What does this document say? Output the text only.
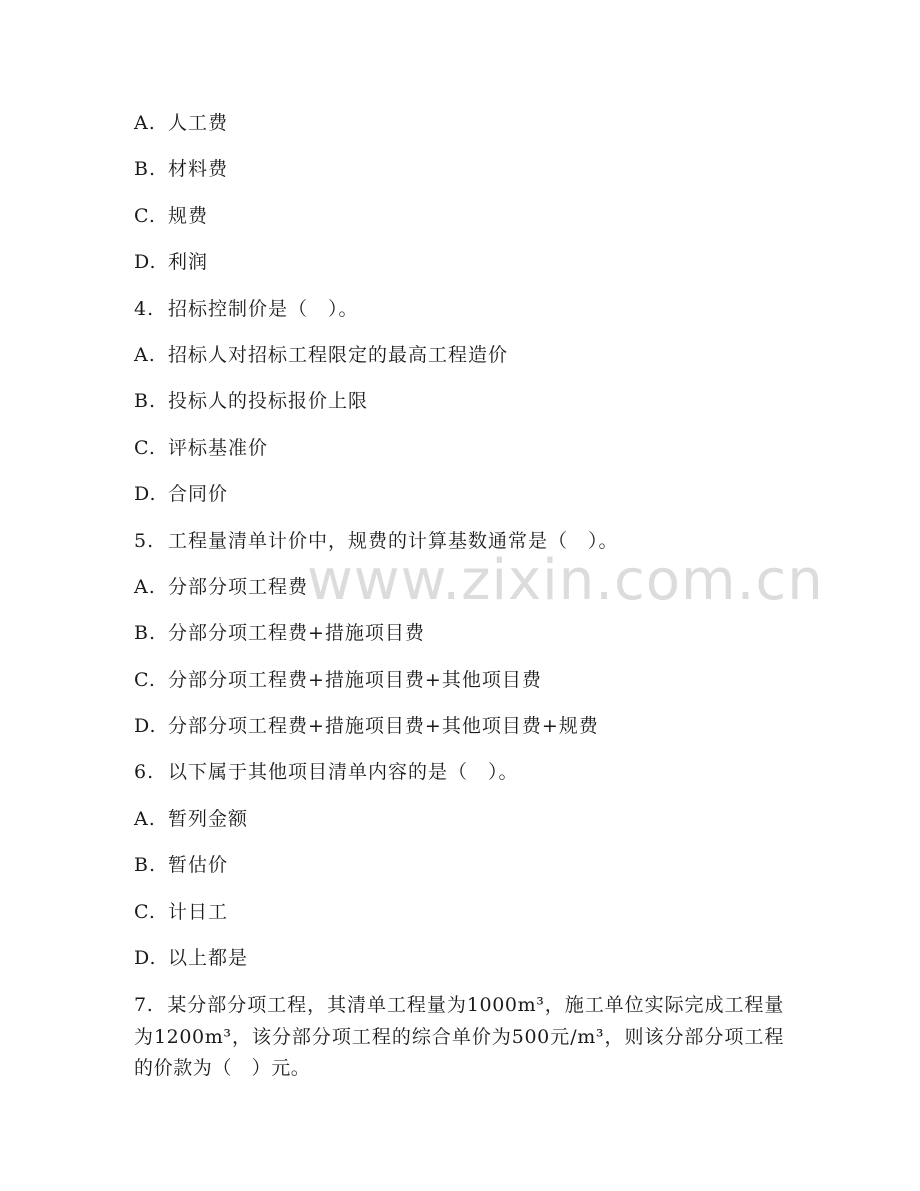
www.zixin.com.cn
A. 人工费
B. 材料费
C. 规费
D. 利润
4. 招标控制价是（　）。
A. 招标人对招标工程限定的最高工程造价
B. 投标人的投标报价上限
C. 评标基准价
D. 合同价
5. 工程量清单计价中，规费的计算基数通常是（　）。
A. 分部分项工程费
B. 分部分项工程费+措施项目费
C. 分部分项工程费+措施项目费+其他项目费
D. 分部分项工程费+措施项目费+其他项目费+规费
6. 以下属于其他项目清单内容的是（　）。
A. 暂列金额
B. 暂估价
C. 计日工
D. 以上都是
7. 某分部分项工程，其清单工程量为1000m³，施工单位实际完成工程量为1200m³，该分部分项工程的综合单价为500元/m³，则该分部分项工程的价款为（　）元。
